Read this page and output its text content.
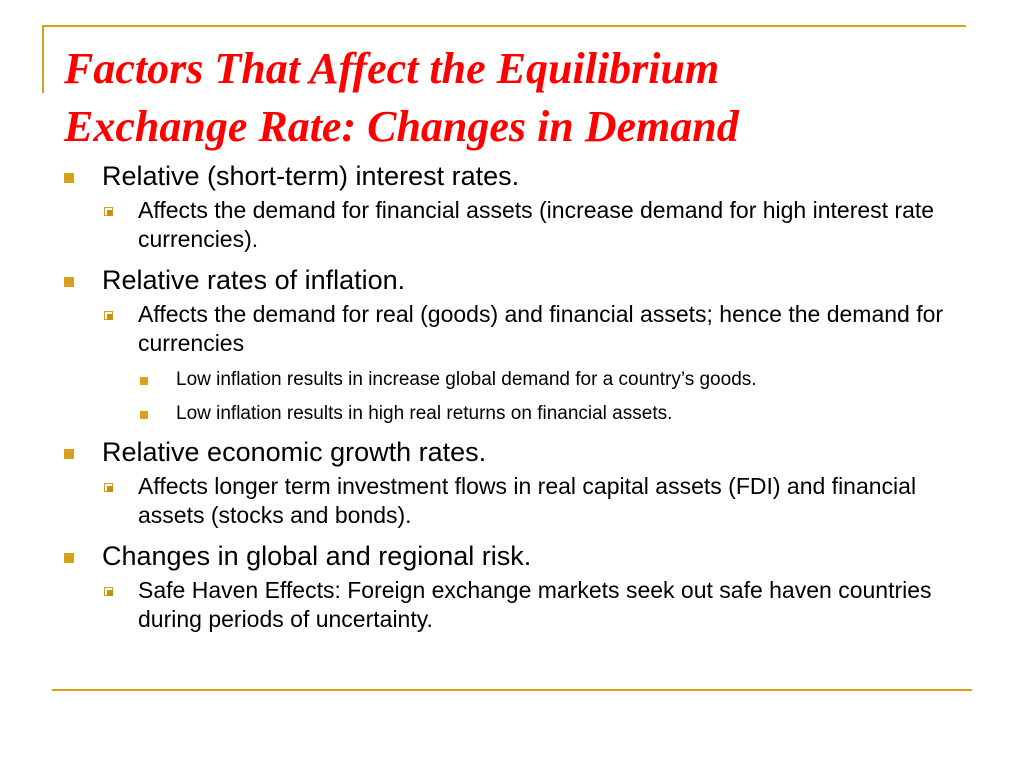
Factors That Affect the Equilibrium
Exchange Rate: Changes in Demand
Relative (short-term) interest rates.
Affects the demand for financial assets (increase demand for high interest rate currencies).
Relative rates of inflation.
Affects the demand for real (goods) and financial assets; hence the demand for currencies
Low inflation results in increase global demand for a country’s goods.
Low inflation results in high real returns on financial assets.
Relative economic growth rates.
Affects longer term investment flows in real capital assets (FDI) and financial assets (stocks and bonds).
Changes in global and regional risk.
Safe Haven Effects: Foreign exchange markets seek out safe haven countries during periods of uncertainty.
